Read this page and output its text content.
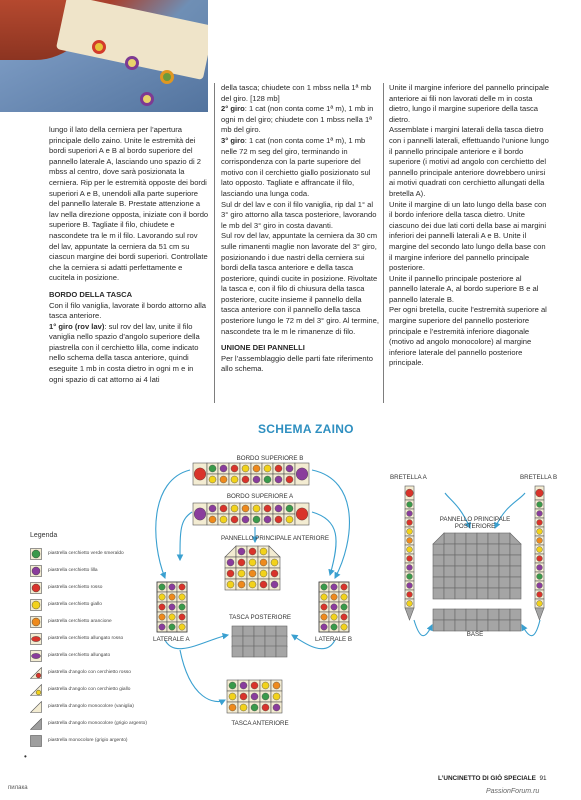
lungo il lato della cerniera per l’apertura principale dello zaino. Unite le estremità dei bordi superiori A e B al bordo superiore del pannello laterale A, lasciando uno spazio di 2 mbss al centro, dove sarà posizionata la cerniera. Rip per le estremità opposte dei bordi superiori A e B, unendoli alla parte superiore del pannello laterale B. Prestate attenzione a lav nella direzione opposta, iniziate con il bordo superiore B. Tagliate il filo, chiudete e nascondete tra le m il filo. Lavorando sul rov del lav, appuntate la cerniera da 51 cm su ciascun margine dei bordi superiori. Controllate che la cerniera si adatti perfettamente e cucitela in posizione.

BORDO DELLA TASCA

Con il filo vaniglia, lavorate il bordo attorno alla tasca anteriore.

1° giro (rov lav): sul rov del lav, unite il filo vaniglia nello spazio d’angolo superiore della piastrella con il cerchietto lilla, come indicato nello schema della tasca anteriore, quindi eseguite 1 mb in costa dietro in ogni m e in ogni spazio di cat attorno ai 4 lati

della tasca; chiudete con 1 mbss nella 1ª mb del giro. [128 mb]

2° giro: 1 cat (non conta come 1ª m), 1 mb in ogni m del giro; chiudete con 1 mbss nella 1ª mb del giro.

3° giro: 1 cat (non conta come 1ª m), 1 mb nelle 72 m seg del giro, terminando in corrispondenza con la parte superiore del motivo con il cerchietto giallo posizionato sul lato opposto. Tagliate e affrancate il filo, lasciando una lunga coda.

Sul dr del lav e con il filo vaniglia, rip dal 1° al 3° giro attorno alla tasca posteriore, lavorando le mb del 3° giro in costa davanti.

Sul rov del lav, appuntate la cerniera da 30 cm sulle rimanenti maglie non lavorate del 3° giro, posizionando i due nastri della cerniera sui bordi della tasca anteriore e della tasca posteriore, quindi cucite in posizione. Rivoltate la tasca e, con il filo di chiusura della tasca posteriore, cucite insieme il pannello della tasca anteriore con il pannello della tasca posteriore lungo le 72 m del 3° giro. Al termine, nascondete tra le m le rimanenze di filo.

UNIONE DEI PANNELLI

Per l’assemblaggio delle parti fate riferimento allo schema.

Unite il margine inferiore del pannello principale anteriore ai fili non lavorati delle m in costa dietro, lungo il margine superiore della tasca dietro.

Assemblate i margini laterali della tasca dietro con i pannelli laterali, effettuando l’unione lungo il pannello principale anteriore e il bordo superiore (i motivi ad angolo con cerchietto del pannello principale anteriore dovrebbero unirsi ai motivi quadrati con cerchietto allungati della bretella A).

Unite il margine di un lato lungo della base con il bordo inferiore della tasca dietro. Unite ciascuno dei due lati corti della base ai margini inferiori dei pannelli laterali A e B. Unite il margine del secondo lato lungo della base con il margine inferiore del pannello principale posteriore.

Unite il pannello principale posteriore al pannello laterale A, al bordo superiore B e al pannello laterale B.

Per ogni bretella, cucite l’estremità superiore al margine superiore del pannello posteriore principale e l’estremità inferiore diagonale (motivo ad angolo monocolore) al margine inferiore laterale del pannello posteriore principale.

SCHEMA ZAINO
BORDO SUPERIORE B
BORDO SUPERIORE A
PANNELLO PRINCIPALE ANTERIORE
LATERALE A	LATERALE B
TASCA POSTERIORE
TASCA ANTERIORE
BRETELLA A	BRETELLA B
PANNELLO PRINCIPALE
POSTERIORE
BASE
Legenda
piastrella cerchietto verde smeraldo
piastrella cerchietto lilla
piastrella cerchietto rosso
piastrella cerchietto giallo
piastrella cerchietto arancione
piastrella cerchietto allungato rosso
piastrella cerchietto allungato
piastrella d’angolo con cerchietto rosso
piastrella d’angolo con cerchietto giallo
piastrella d’angolo monocolore (vaniglia)
piastrella d’angolo monocolore (grigio argento)
piastrella monocolore (grigio argento)
•
L’UNCINETTO DI GIÒ SPECIALE 91
пилака	PassionForum.ru
